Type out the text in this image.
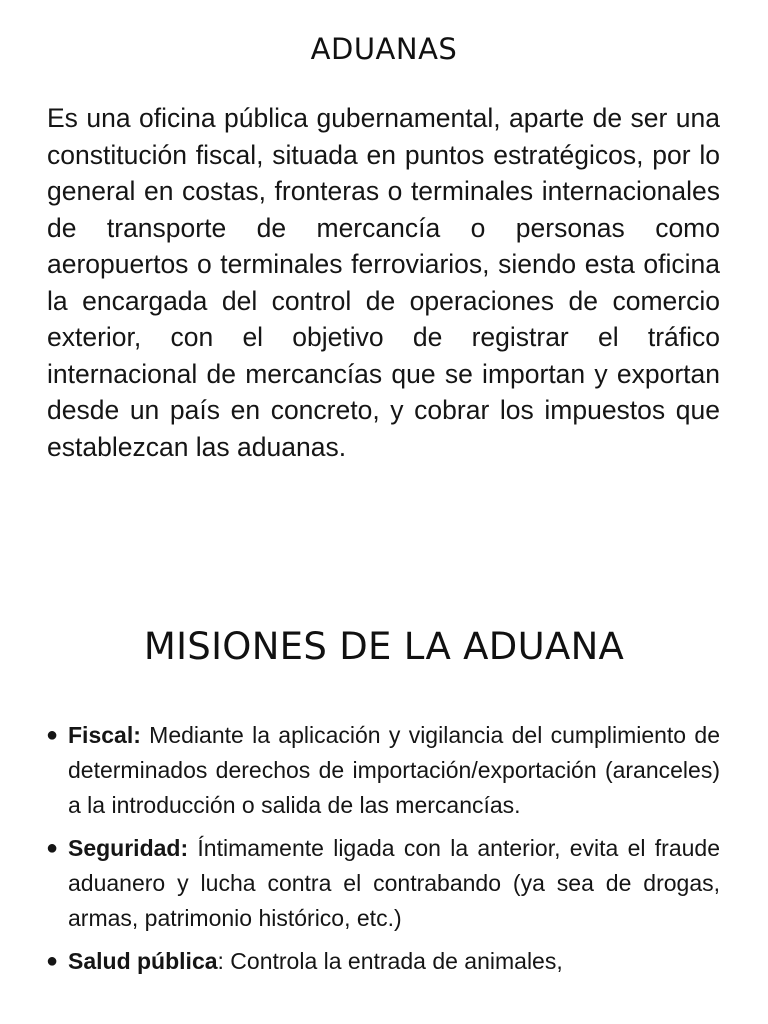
ADUANAS

Es una oficina pública gubernamental, aparte de ser una constitución fiscal, situada en puntos estratégicos, por lo general en costas, fronteras o terminales internacionales de transporte de mercancía o personas como aeropuertos o terminales ferroviarios, siendo esta oficina la encargada del control de operaciones de comercio exterior, con el objetivo de registrar el tráfico internacional de mercancías que se importan y exportan desde un país en concreto, y cobrar los impuestos que establezcan las aduanas.

MISIONES DE LA ADUANA
● Fiscal: Mediante la aplicación y vigilancia del cumplimiento de determinados derechos de importación/exportación (aranceles) a la introducción o salida de las mercancías.
● Seguridad: Íntimamente ligada con la anterior, evita el fraude aduanero y lucha contra el contrabando (ya sea de drogas, armas, patrimonio histórico, etc.)
● Salud pública: Controla la entrada de animales,
